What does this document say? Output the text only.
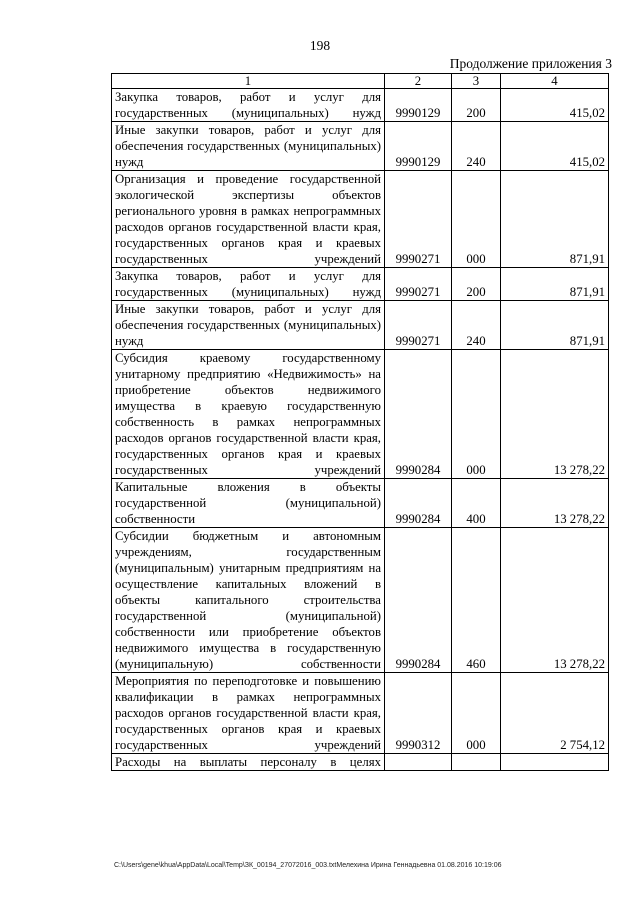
198
Продолжение приложения 3
1	2	3	4
Закупка товаров, работ и услуг для государственных (муниципальных) нужд	9990129	200	415,02
Иные закупки товаров, работ и услуг для обеспечения государственных (муниципальных) нужд	9990129	240	415,02
Организация и проведение государственной экологической экспертизы объектов регионального уровня в рамках непрограммных расходов органов государственной власти края, государственных органов края и краевых государственных учреждений	9990271	000	871,91
Закупка товаров, работ и услуг для государственных (муниципальных) нужд	9990271	200	871,91
Иные закупки товаров, работ и услуг для обеспечения государственных (муниципальных) нужд	9990271	240	871,91
Субсидия краевому государственному унитарному предприятию «Недвижимость» на приобретение объектов недвижимого имущества в краевую государственную собственность в рамках непрограммных расходов органов государственной власти края, государственных органов края и краевых государственных учреждений	9990284	000	13 278,22
Капитальные вложения в объекты государственной (муниципальной) собственности	9990284	400	13 278,22
Субсидии бюджетным и автономным учреждениям, государственным (муниципальным) унитарным предприятиям на осуществление капитальных вложений в объекты капитального строительства государственной (муниципальной) собственности или приобретение объектов недвижимого имущества в государственную (муниципальную) собственности	9990284	460	13 278,22
Мероприятия по переподготовке и повышению квалификации в рамках непрограммных расходов органов государственной власти края, государственных органов края и краевых государственных учреждений	9990312	000	2 754,12
Расходы на выплаты персоналу в целях			
C:\Users\gene\khua\AppData\Local\Temp\ЗК_00194_27072016_003.txtМелехина Ирина Геннадьевна 01.08.2016 10:19:06
